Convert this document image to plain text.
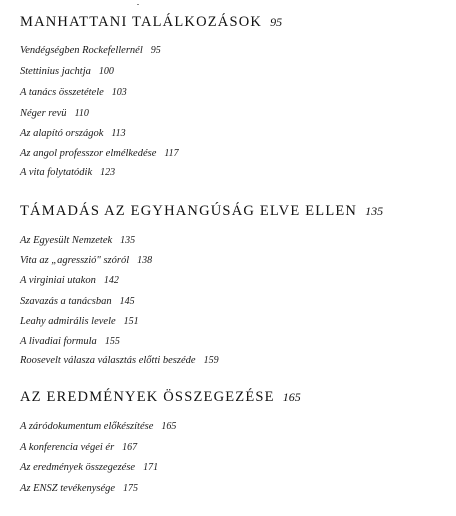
MANHATTANI TALÁLKOZÁSOK 95
Vendégségben Rockefellernél 95
Stettinius jachtja 100
A tanács összetétele 103
Néger revü 110
Az alapító országok 113
Az angol professzor elmélkedése 117
A vita folytatódik 123
TÁMADÁS AZ EGYHANGÚSÁG ELVE ELLEN 135
Az Egyesült Nemzetek 135
Vita az „agresszió" szóról 138
A virginiai utakon 142
Szavazás a tanácsban 145
Leahy admirális levele 151
A livadiai formula 155
Roosevelt válasza választás előtti beszéde 159
AZ EREDMÉNYEK ÖSSZEGEZÉSE 165
A záródokumentum előkészítése 165
A konferencia végei ér 167
Az eredmények összegezése 171
Az ENSZ tevékenysége 175
